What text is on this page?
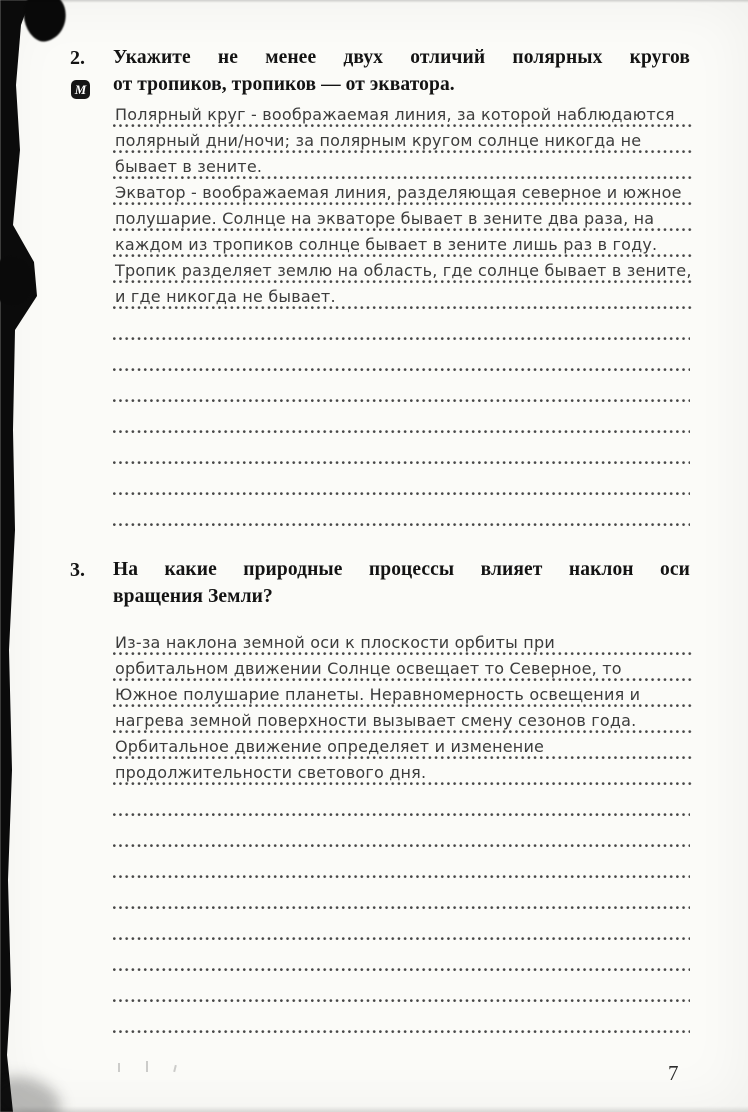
2.
М
Укажите не менее двух отличий полярных кругов
от тропиков, тропиков — от экватора.
Полярный круг - воображаемая линия, за которой наблюдаются
полярный дни/ночи; за полярным кругом солнце никогда не
бывает в зените.
Экватор - воображаемая линия, разделяющая северное и южное
полушарие. Солнце на экваторе бывает в зените два раза, на
каждом из тропиков солнце бывает в зените лишь раз в году.
Тропик разделяет землю на область, где солнце бывает в зените,
и где никогда не бывает.
3. На какие природные процессы влияет наклон оси
вращения Земли?
Из-за наклона земной оси к плоскости орбиты при
орбитальном движении Солнце освещает то Северное, то
Южное полушарие планеты. Неравномерность освещения и
нагрева земной поверхности вызывает смену сезонов года.
Орбитальное движение определяет и изменение
продолжительности светового дня.
7
